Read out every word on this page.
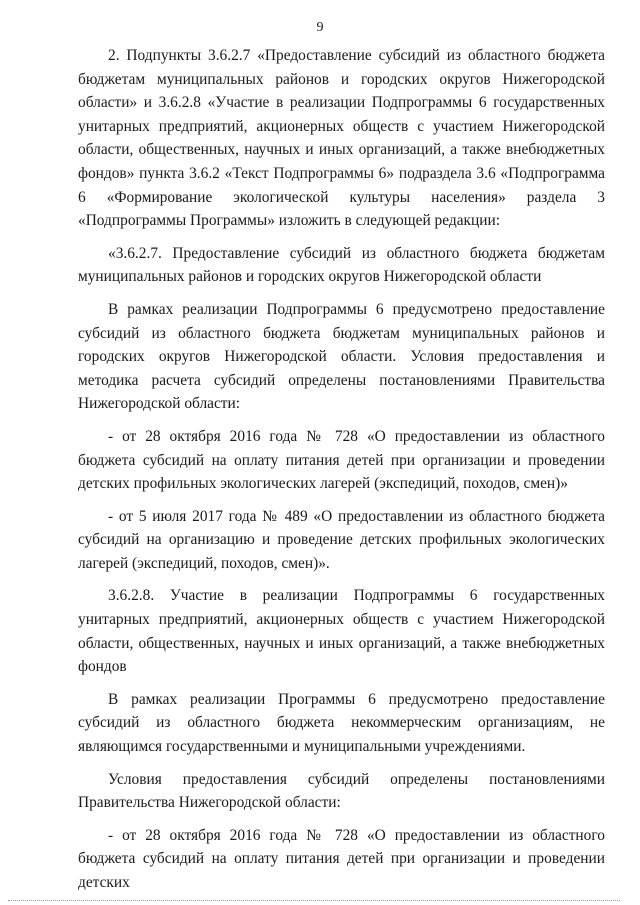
9

2. Подпункты 3.6.2.7 «Предоставление субсидий из областного бюджета бюджетам муниципальных районов и городских округов Нижегородской области» и 3.6.2.8 «Участие в реализации Подпрограммы 6 государственных унитарных предприятий, акционерных обществ с участием Нижегородской области, общественных, научных и иных организаций, а также внебюджетных фондов» пункта 3.6.2 «Текст Подпрограммы 6» подраздела 3.6 «Подпрограмма 6 «Формирование экологической культуры населения» раздела 3 «Подпрограммы Программы» изложить в следующей редакции:

«3.6.2.7. Предоставление субсидий из областного бюджета бюджетам муниципальных районов и городских округов Нижегородской области

В рамках реализации Подпрограммы 6 предусмотрено предоставление субсидий из областного бюджета бюджетам муниципальных районов и городских округов Нижегородской области. Условия предоставления и методика расчета субсидий определены постановлениями Правительства Нижегородской области:

- от 28 октября 2016 года № 728 «О предоставлении из областного бюджета субсидий на оплату питания детей при организации и проведении детских профильных экологических лагерей (экспедиций, походов, смен)»

- от 5 июля 2017 года № 489 «О предоставлении из областного бюджета субсидий на организацию и проведение детских профильных экологических лагерей (экспедиций, походов, смен)».

3.6.2.8. Участие в реализации Подпрограммы 6 государственных унитарных предприятий, акционерных обществ с участием Нижегородской области, общественных, научных и иных организаций, а также внебюджетных фондов

В рамках реализации Программы 6 предусмотрено предоставление субсидий из областного бюджета некоммерческим организациям, не являющимся государственными и муниципальными учреждениями.

Условия предоставления субсидий определены постановлениями Правительства Нижегородской области:

- от 28 октября 2016 года № 728 «О предоставлении из областного бюджета субсидий на оплату питания детей при организации и проведении детских
